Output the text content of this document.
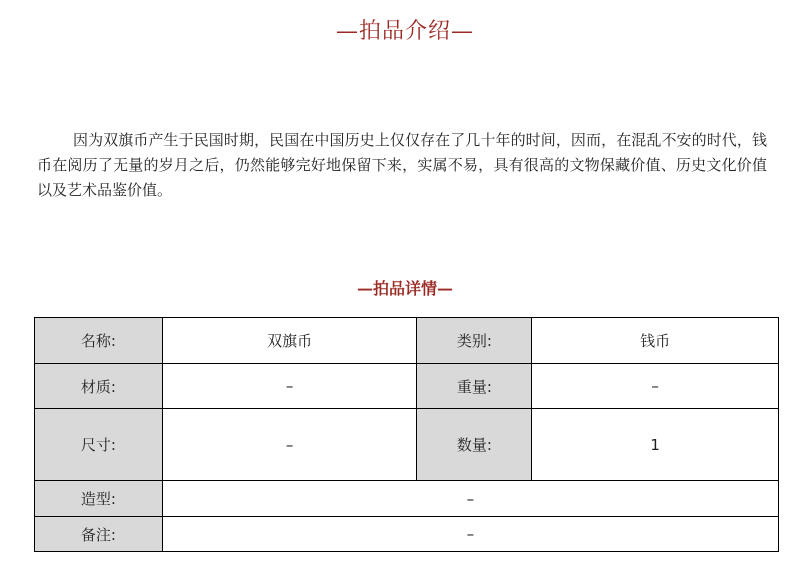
—拍品介绍—

因为双旗币产生于民国时期，民国在中国历史上仅仅存在了几十年的时间，因而，在混乱不安的时代，钱币在阅历了无量的岁月之后，仍然能够完好地保留下来，实属不易，具有很高的文物保藏价值、历史文化价值以及艺术品鉴价值。

—拍品详情—
名称:	双旗币	类别:	钱币
材质:	–	重量:	–
尺寸:	–	数量:	1
造型:	–		
备注:	–		
